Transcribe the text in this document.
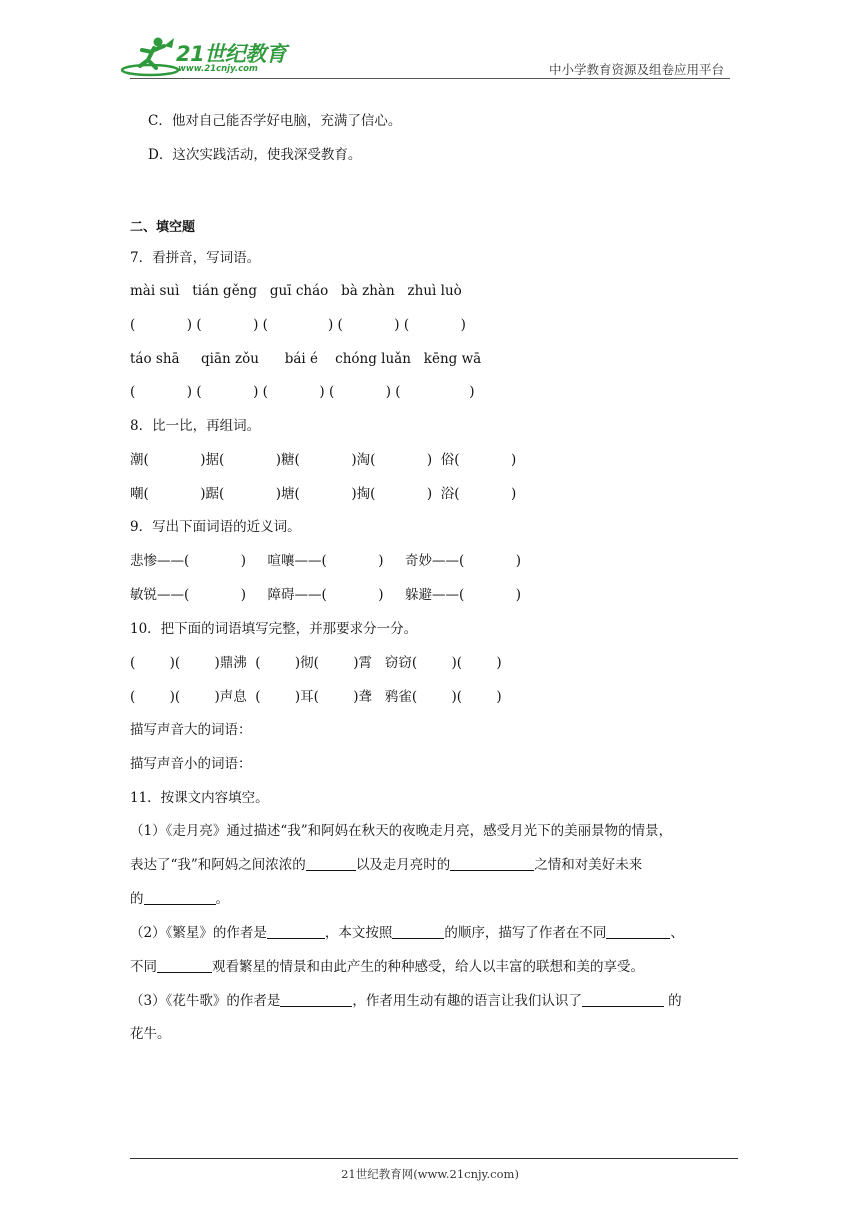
21世纪教育
www.21cnjy.com	中小学教育资源及组卷应用平台
C．他对自己能否学好电脑，充满了信心。
D．这次实践活动，使我深受教育。
二、填空题
7．看拼音，写词语。
mài suì   tián gěng   guī cháo   bà zhàn   zhuì luò
(            ) (            ) (              ) (            ) (            )
táo shā     qiān zǒu      bái é    chóng luǎn   kēng wā
(            ) (            ) (            ) (            ) (                )
8．比一比，再组词。
潮(            )据(            )糖(            )淘(            )  俗(            )
嘲(            )踞(            )塘(            )掏(            )  浴(            )
9．写出下面词语的近义词。
悲惨——(            )     喧嚷——(            )     奇妙——(            )
敏锐——(            )     障碍——(            )     躲避——(            )
10．把下面的词语填写完整，并那要求分一分。
(        )(        )鼎沸  (        )彻(        )霄   窃窃(        )(        )
(        )(        )声息  (        )耳(        )聋   鸦雀(        )(        )
描写声音大的词语：
描写声音小的词语：
11．按课文内容填空。
（1）《走月亮》通过描述“我”和阿妈在秋天的夜晚走月亮，感受月光下的美丽景物的情景，
表达了“我”和阿妈之间浓浓的	以及走月亮时的	之情和对美好未来
的	。
（2）《繁星》的作者是	，本文按照	的顺序，描写了作者在不同	、
不同	观看繁星的情景和由此产生的种种感受，给人以丰富的联想和美的享受。
（3）《花牛歌》的作者是	，作者用生动有趣的语言让我们认识了	的
花牛。
21世纪教育网(www.21cnjy.com)
